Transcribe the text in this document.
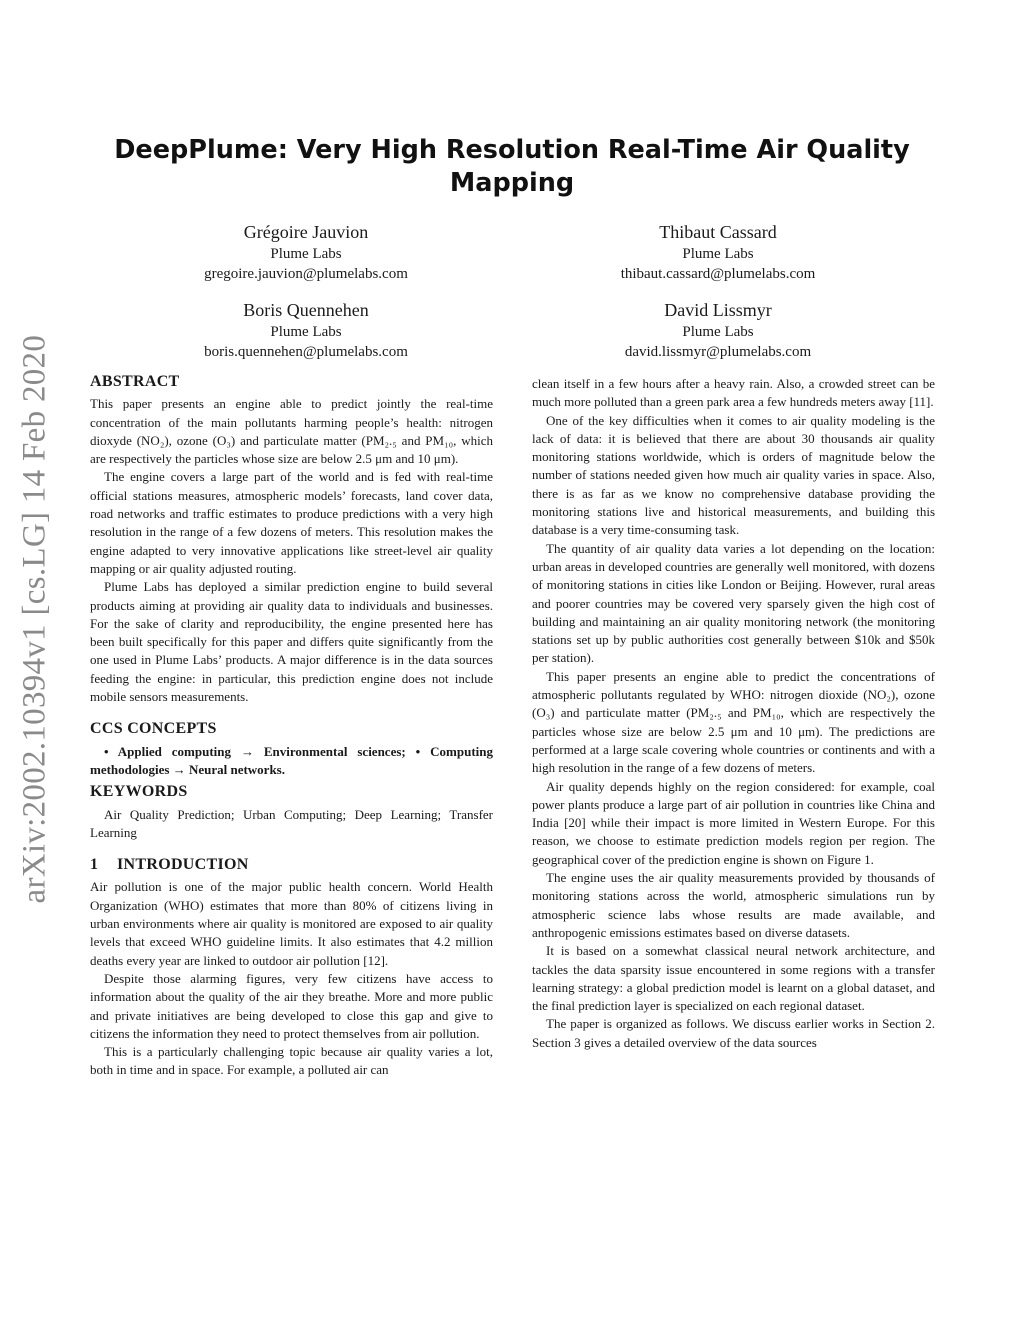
arXiv:2002.10394v1 [cs.LG] 14 Feb 2020
DeepPlume: Very High Resolution Real-Time Air Quality Mapping
Grégoire Jauvion
Plume Labs
gregoire.jauvion@plumelabs.com
Thibaut Cassard
Plume Labs
thibaut.cassard@plumelabs.com
Boris Quennehen
Plume Labs
boris.quennehen@plumelabs.com
David Lissmyr
Plume Labs
david.lissmyr@plumelabs.com
ABSTRACT

This paper presents an engine able to predict jointly the real-time concentration of the main pollutants harming people’s health: nitrogen dioxyde (NO₂), ozone (O₃) and particulate matter (PM₂.₅ and PM₁₀, which are respectively the particles whose size are below 2.5 μm and 10 μm).

The engine covers a large part of the world and is fed with real-time official stations measures, atmospheric models’ forecasts, land cover data, road networks and traffic estimates to produce predictions with a very high resolution in the range of a few dozens of meters. This resolution makes the engine adapted to very innovative applications like street-level air quality mapping or air quality adjusted routing.

Plume Labs has deployed a similar prediction engine to build several products aiming at providing air quality data to individuals and businesses. For the sake of clarity and reproducibility, the engine presented here has been built specifically for this paper and differs quite significantly from the one used in Plume Labs’ products. A major difference is in the data sources feeding the engine: in particular, this prediction engine does not include mobile sensors measurements.

CCS CONCEPTS

• Applied computing → Environmental sciences; • Computing methodologies → Neural networks.

KEYWORDS

Air Quality Prediction; Urban Computing; Deep Learning; Transfer Learning

1 INTRODUCTION

Air pollution is one of the major public health concern. World Health Organization (WHO) estimates that more than 80% of citizens living in urban environments where air quality is monitored are exposed to air quality levels that exceed WHO guideline limits. It also estimates that 4.2 million deaths every year are linked to outdoor air pollution [12].

Despite those alarming figures, very few citizens have access to information about the quality of the air they breathe. More and more public and private initiatives are being developed to close this gap and give to citizens the information they need to protect themselves from air pollution.

This is a particularly challenging topic because air quality varies a lot, both in time and in space. For example, a polluted air can

clean itself in a few hours after a heavy rain. Also, a crowded street can be much more polluted than a green park area a few hundreds meters away [11].

One of the key difficulties when it comes to air quality modeling is the lack of data: it is believed that there are about 30 thousands air quality monitoring stations worldwide, which is orders of magnitude below the number of stations needed given how much air quality varies in space. Also, there is as far as we know no comprehensive database providing the monitoring stations live and historical measurements, and building this database is a very time-consuming task.

The quantity of air quality data varies a lot depending on the location: urban areas in developed countries are generally well monitored, with dozens of monitoring stations in cities like London or Beijing. However, rural areas and poorer countries may be covered very sparsely given the high cost of building and maintaining an air quality monitoring network (the monitoring stations set up by public authorities cost generally between $10k and $50k per station).

This paper presents an engine able to predict the concentrations of atmospheric pollutants regulated by WHO: nitrogen dioxide (NO₂), ozone (O₃) and particulate matter (PM₂.₅ and PM₁₀, which are respectively the particles whose size are below 2.5 μm and 10 μm). The predictions are performed at a large scale covering whole countries or continents and with a high resolution in the range of a few dozens of meters.

Air quality depends highly on the region considered: for example, coal power plants produce a large part of air pollution in countries like China and India [20] while their impact is more limited in Western Europe. For this reason, we choose to estimate prediction models region per region. The geographical cover of the prediction engine is shown on Figure 1.

The engine uses the air quality measurements provided by thousands of monitoring stations across the world, atmospheric simulations run by atmospheric science labs whose results are made available, and anthropogenic emissions estimates based on diverse datasets.

It is based on a somewhat classical neural network architecture, and tackles the data sparsity issue encountered in some regions with a transfer learning strategy: a global prediction model is learnt on a global dataset, and the final prediction layer is specialized on each regional dataset.

The paper is organized as follows. We discuss earlier works in Section 2. Section 3 gives a detailed overview of the data sources
